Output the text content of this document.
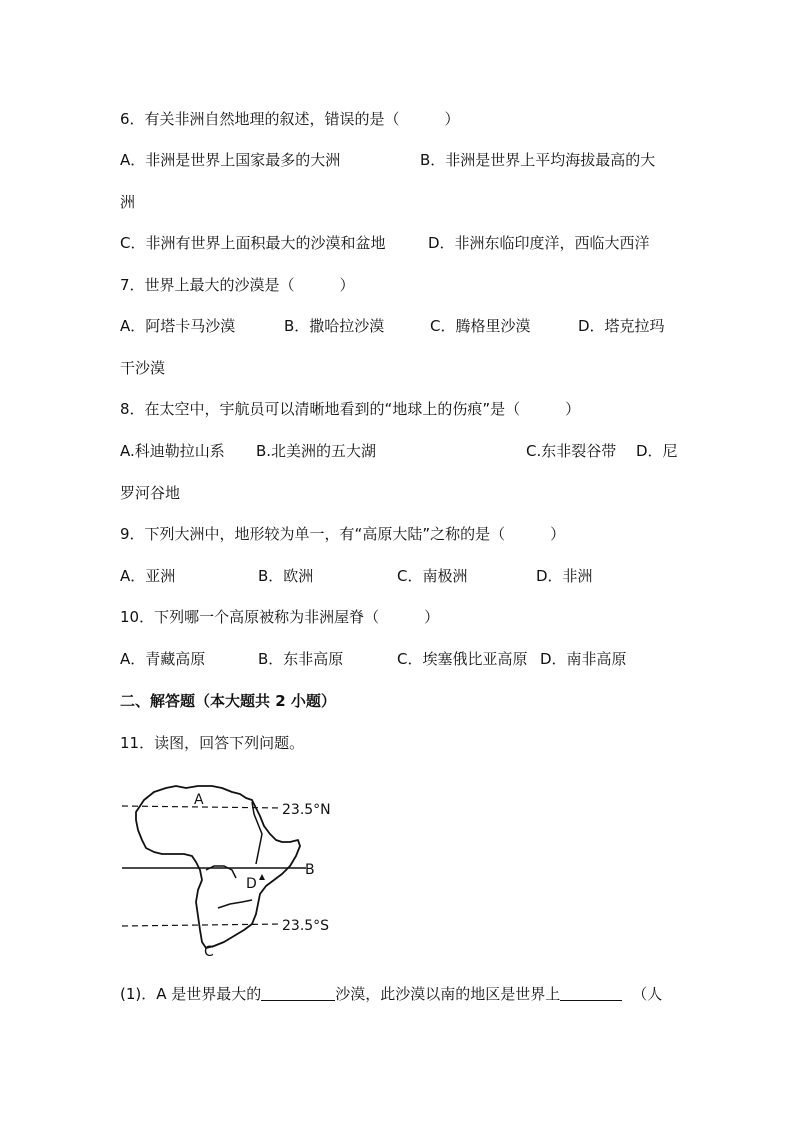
6．有关非洲自然地理的叙述，错误的是（　　　）
A．非洲是世界上国家最多的大洲	B．非洲是世界上平均海拔最高的大
洲
C．非洲有世界上面积最大的沙漠和盆地	D．非洲东临印度洋，西临大西洋
7．世界上最大的沙漠是（　　　）
A．阿塔卡马沙漠	B．撒哈拉沙漠	C．腾格里沙漠	D．塔克拉玛
干沙漠
8．在太空中，宇航员可以清晰地看到的“地球上的伤痕”是（　　　）
A.科迪勒拉山系 B.北美洲的五大湖	C.东非裂谷带 D．尼
罗河谷地
9．下列大洲中，地形较为单一，有“高原大陆”之称的是（　　　）
A．亚洲	B．欧洲	C．南极洲	D．非洲
10．下列哪一个高原被称为非洲屋脊（　　　）
A．青藏高原	B．东非高原	C．埃塞俄比亚高原 D．南非高原
二、解答题（本大题共 2 小题）
11．读图，回答下列问题。
A
B
C
D
23.5°N
23.5°S
(1)．A 是世界最大的	沙漠，此沙漠以南的地区是世界上	（人
